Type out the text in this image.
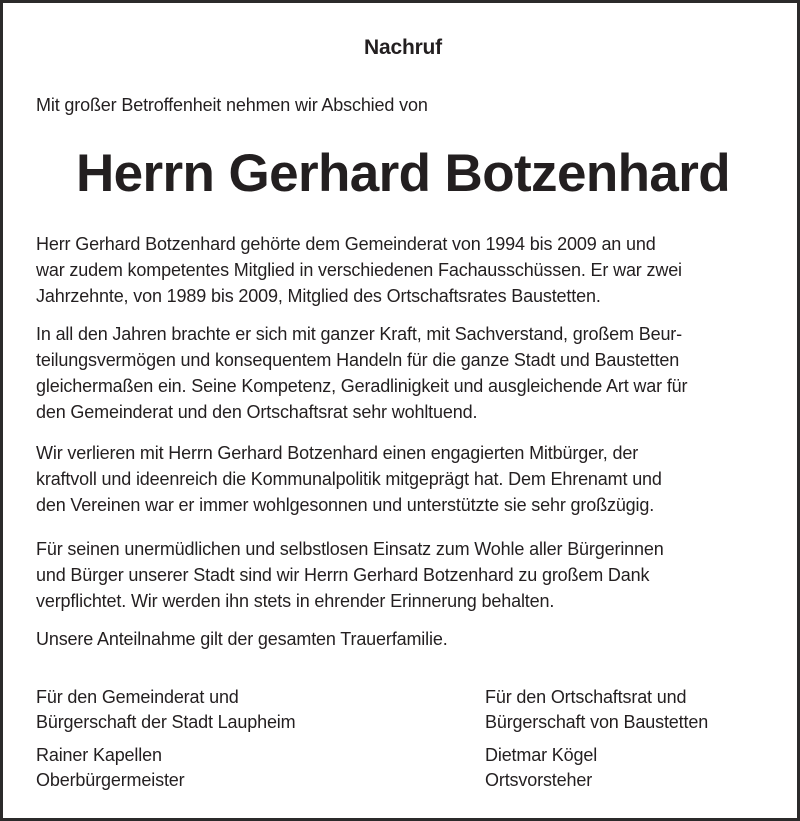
Nachruf
Mit großer Betroffenheit nehmen wir Abschied von
Herrn Gerhard Botzenhard
Herr Gerhard Botzenhard gehörte dem Gemeinderat von 1994 bis 2009 an und
war zudem kompetentes Mitglied in verschiedenen Fachausschüssen. Er war zwei
Jahrzehnte, von 1989 bis 2009, Mitglied des Ortschaftsrates Baustetten.
In all den Jahren brachte er sich mit ganzer Kraft, mit Sachverstand, großem Beur-
teilungsvermögen und konsequentem Handeln für die ganze Stadt und Baustetten
gleichermaßen ein. Seine Kompetenz, Geradlinigkeit und ausgleichende Art war für
den Gemeinderat und den Ortschaftsrat sehr wohltuend.
Wir verlieren mit Herrn Gerhard Botzenhard einen engagierten Mitbürger, der
kraftvoll und ideenreich die Kommunalpolitik mitgeprägt hat. Dem Ehrenamt und
den Vereinen war er immer wohlgesonnen und unterstützte sie sehr großzügig.
Für seinen unermüdlichen und selbstlosen Einsatz zum Wohle aller Bürgerinnen
und Bürger unserer Stadt sind wir Herrn Gerhard Botzenhard zu großem Dank
verpflichtet. Wir werden ihn stets in ehrender Erinnerung behalten.
Unsere Anteilnahme gilt der gesamten Trauerfamilie.
Für den Gemeinderat und
Bürgerschaft der Stadt Laupheim
Rainer Kapellen
Oberbürgermeister
Für den Ortschaftsrat und
Bürgerschaft von Baustetten
Dietmar Kögel
Ortsvorsteher
